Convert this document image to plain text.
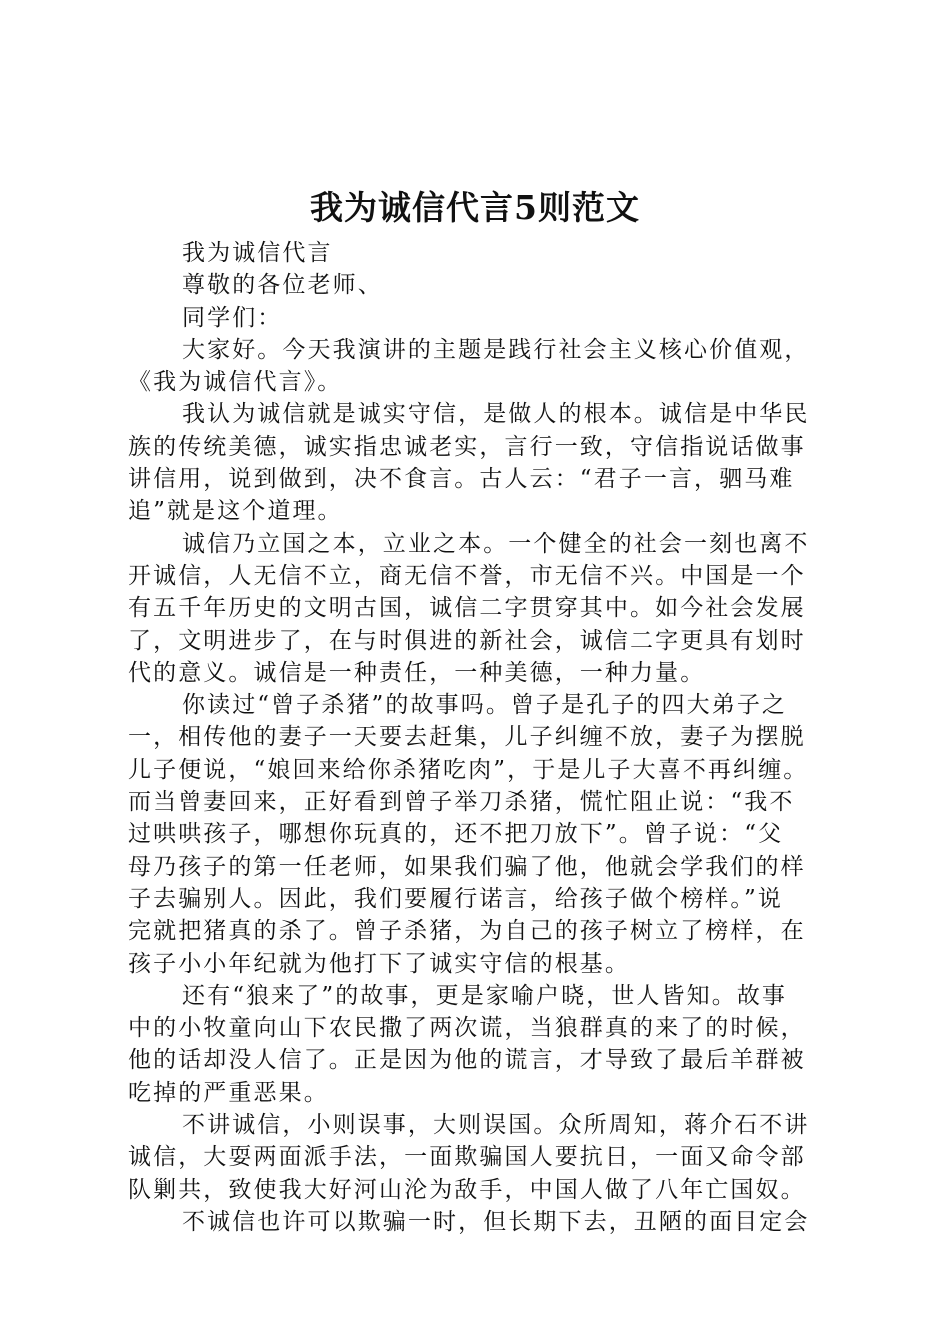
我为诚信代言5则范文

我为诚信代言

尊敬的各位老师、

同学们：

大家好。今天我演讲的主题是践行社会主义核心价值观，

《我为诚信代言》。

我认为诚信就是诚实守信，是做人的根本。诚信是中华民

族的传统美德，诚实指忠诚老实，言行一致，守信指说话做事

讲信用，说到做到，决不食言。古人云：“君子一言，驷马难

追”就是这个道理。

诚信乃立国之本，立业之本。一个健全的社会一刻也离不

开诚信，人无信不立，商无信不誉，市无信不兴。中国是一个

有五千年历史的文明古国，诚信二字贯穿其中。如今社会发展

了，文明进步了，在与时俱进的新社会，诚信二字更具有划时

代的意义。诚信是一种责任，一种美德，一种力量。

你读过“曾子杀猪”的故事吗。曾子是孔子的四大弟子之

一，相传他的妻子一天要去赶集，儿子纠缠不放，妻子为摆脱

儿子便说，“娘回来给你杀猪吃肉”，于是儿子大喜不再纠缠。

而当曾妻回来，正好看到曾子举刀杀猪，慌忙阻止说：“我不

过哄哄孩子，哪想你玩真的，还不把刀放下”。曾子说：“父

母乃孩子的第一任老师，如果我们骗了他，他就会学我们的样

子去骗别人。因此，我们要履行诺言，给孩子做个榜样。”说

完就把猪真的杀了。曾子杀猪，为自己的孩子树立了榜样，在

孩子小小年纪就为他打下了诚实守信的根基。

还有“狼来了”的故事，更是家喻户晓，世人皆知。故事

中的小牧童向山下农民撒了两次谎，当狼群真的来了的时候，

他的话却没人信了。正是因为他的谎言，才导致了最后羊群被

吃掉的严重恶果。

不讲诚信，小则误事，大则误国。众所周知，蒋介石不讲

诚信，大耍两面派手法，一面欺骗国人要抗日，一面又命令部

队剿共，致使我大好河山沦为敌手，中国人做了八年亡国奴。

不诚信也许可以欺骗一时，但长期下去，丑陋的面目定会
